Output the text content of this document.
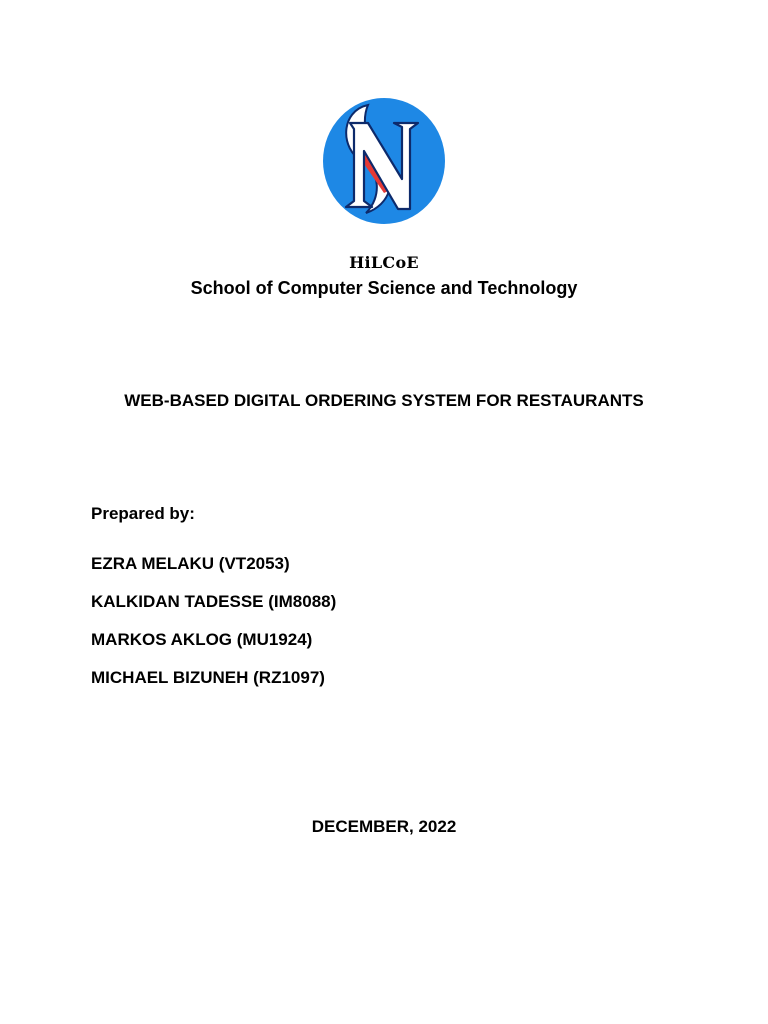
HiLCoE
School of Computer Science and Technology
WEB-BASED DIGITAL ORDERING SYSTEM FOR RESTAURANTS
Prepared by:
EZRA MELAKU (VT2053)
KALKIDAN TADESSE (IM8088)
MARKOS AKLOG (MU1924)
MICHAEL BIZUNEH (RZ1097)
DECEMBER, 2022
